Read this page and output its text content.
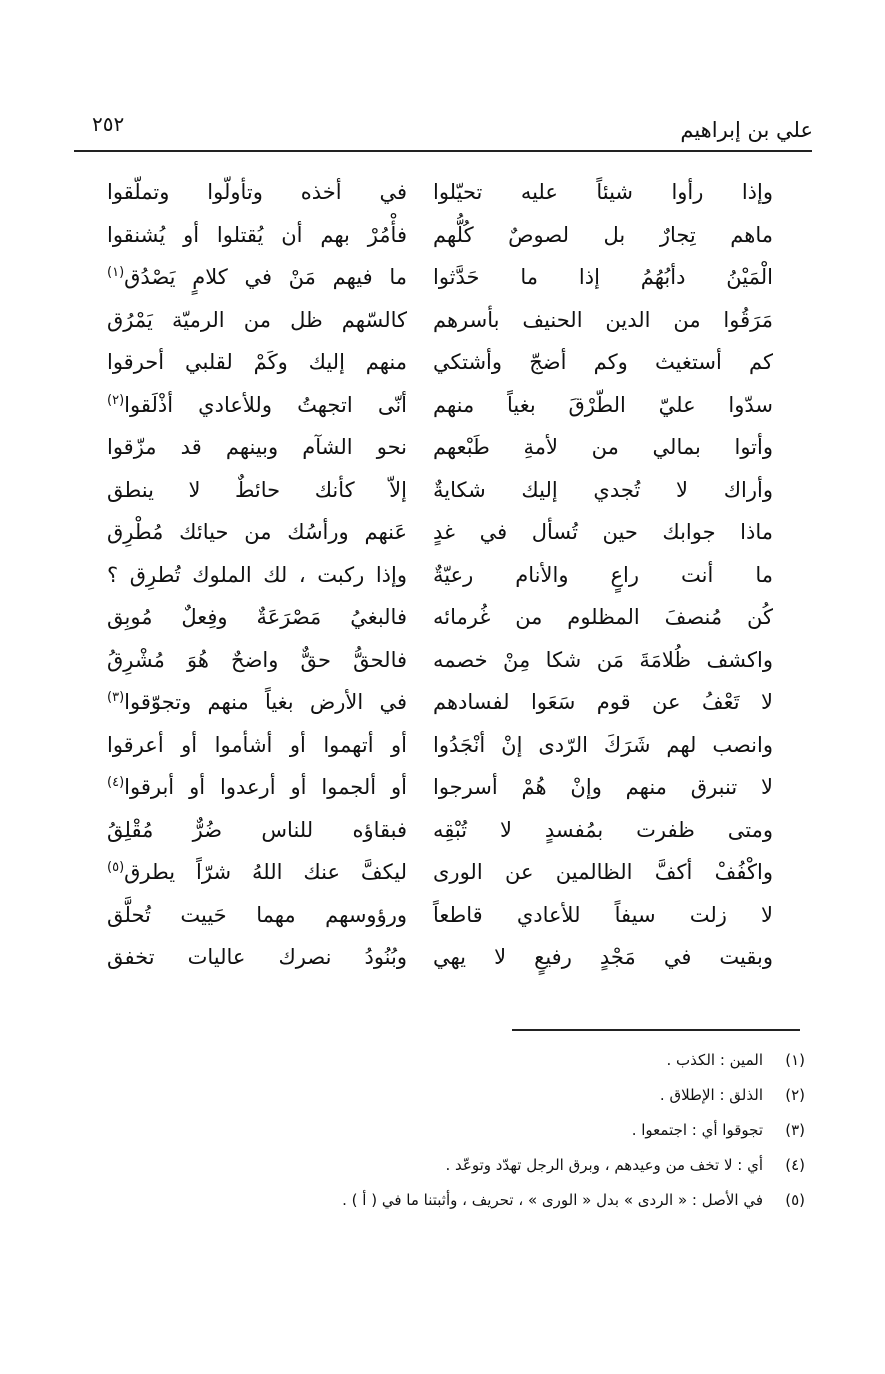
علي بن إبراهيم
٢٥٢
وإذا رأوا شيئاً عليه تحيّلوا
في أخذه وتأولّوا وتملّقوا
ماهم تِجارٌ بل لصوصٌ كُلُّهم
فأْمُرْ بهم أن يُقتلوا أو يُشنقوا
الْمَيْنُ دأبُهُمُ إذا ما حَدَّثوا
ما فيهم مَنْ في كلامٍ يَصْدُق$^{(١)}$
مَرَقُوا من الدين الحنيف بأسرهم
كالسّهم ظل من الرميّة يَمْرُق
كم أستغيث وكم أضجّ وأشتكي
منهم إليك وكَمْ لقلبي أحرقوا
سدّوا عليّ الطّرْقَ بغياً منهم
أنّى اتجهتُ وللأعادي أذْلَقوا$^{(٢)}$
وأتوا بمالي من لأمةِ طَبْعهم
نحو الشآم وبينهم قد مزّقوا
وأراك لا تُجدي إليك شكايةٌ
إلاّ كأنك حائطٌ لا ينطق
ماذا جوابك حين تُسأل في غدٍ
عَنهم ورأسُك من حيائك مُطْرِق
ما أنت راعٍ والأنام رعيّةٌ
وإذا ركبت ، لك الملوك تُطرِق ؟
كُن مُنصفَ المظلوم من غُرمائه
فالبغيُ مَصْرَعَةٌ وفِعلٌ مُوبِق
واكشف ظُلامَةَ مَن شكا مِنْ خصمه
فالحقُّ حقٌّ واضحٌ هُوَ مُشْرِقُ
لا تَعْفُ عن قوم سَعَوا لفسادهم
في الأرض بغياً منهم وتجوّقوا$^{(٣)}$
وانصب لهم شَرَكَ الرّدى إنْ أنْجَدُوا
أو أتهموا أو أشأموا أو أعرقوا
لا تنبرق منهم وإنْ هُمْ أسرجوا
أو ألجموا أو أرعدوا أو أبرقوا$^{(٤)}$
ومتى ظفرت بمُفسدٍ لا تُبْقِه
فبقاؤه للناس ضُرٌّ مُقْلِقُ
واكْفُفْ أكفَّ الظالمين عن الورى
ليكفَّ عنك اللهُ شرّاً يطرق$^{(٥)}$
لا زلت سيفاً للأعادي قاطعاً
ورؤوسهم مهما حَييت تُحلَّق
وبقيت في مَجْدٍ رفيعٍ لا يهي
وبُنُودُ نصرك عاليات تخفق
(١)
المين : الكذب .
(٢)
الذلق : الإطلاق .
(٣)
تجوقوا أي : اجتمعوا .
(٤)
أي : لا تخف من وعيدهم ، وبرق الرجل تهدّد وتوعّد .
(٥)
في الأصل : « الردى » بدل « الورى » ، تحريف ، وأثبتنا ما في ( أ ) .
